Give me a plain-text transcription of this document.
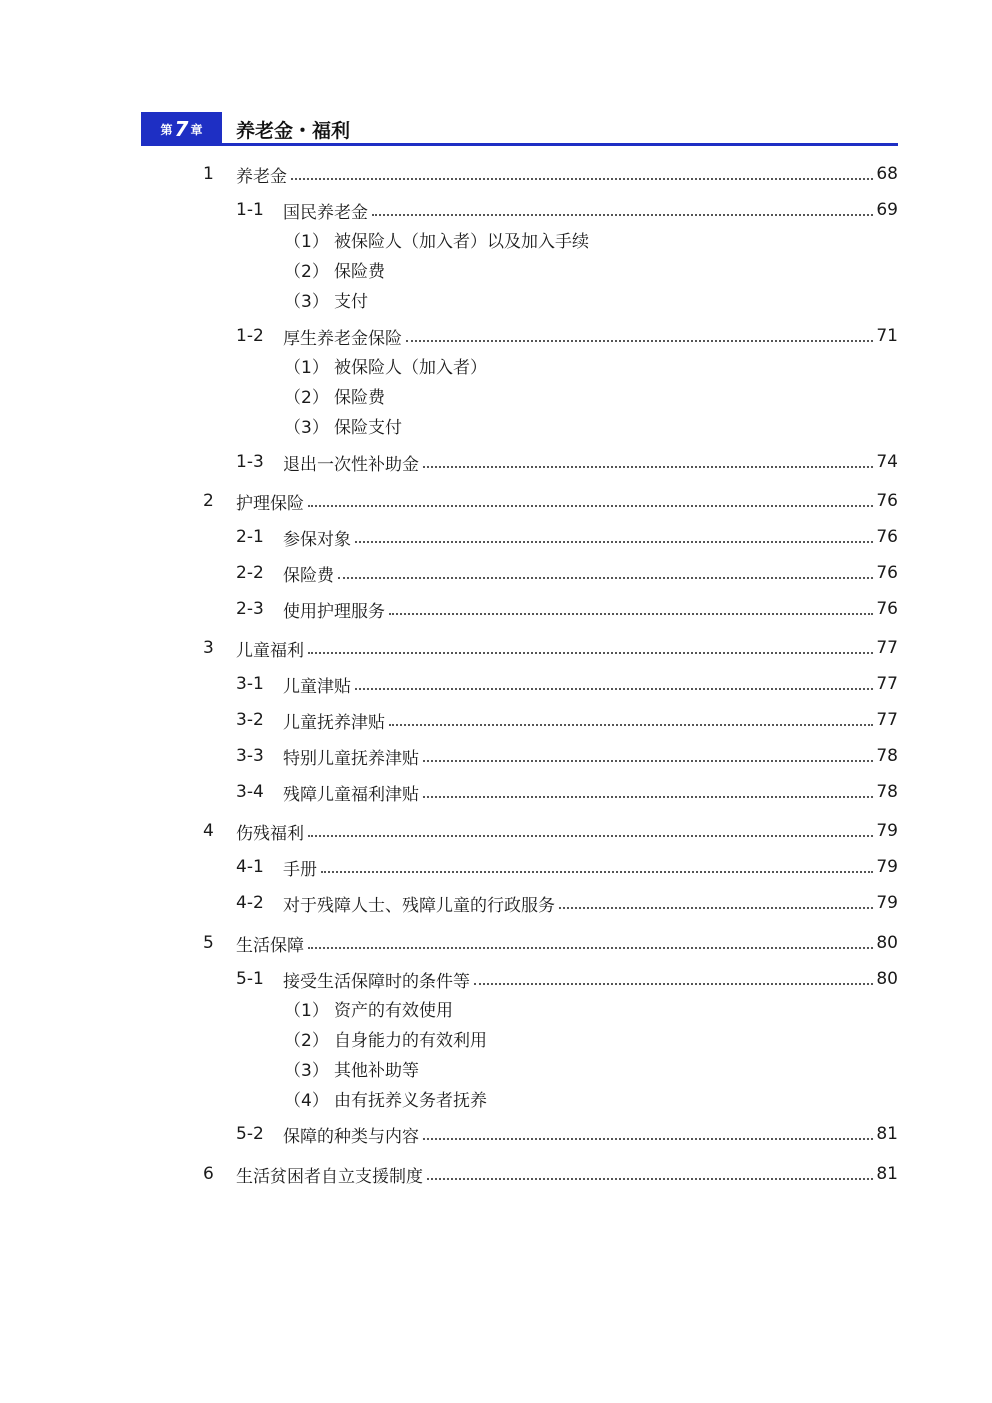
第 7 章 养老金・福利
1	养老金	68
1-1	国民养老金	69
（1） 被保险人（加入者）以及加入手续
（2） 保险费
（3） 支付
1-2	厚生养老金保险	71
（1） 被保险人（加入者）
（2） 保险费
（3） 保险支付
1-3	退出一次性补助金	74
2	护理保险	76
2-1	参保对象	76
2-2	保险费	76
2-3	使用护理服务	76
3	儿童福利	77
3-1	儿童津贴	77
3-2	儿童抚养津贴	77
3-3	特别儿童抚养津贴	78
3-4	残障儿童福利津贴	78
4	伤残福利	79
4-1	手册	79
4-2	对于残障人士、残障儿童的行政服务	79
5	生活保障	80
5-1	接受生活保障时的条件等	80
（1） 资产的有效使用
（2） 自身能力的有效利用
（3） 其他补助等
（4） 由有抚养义务者抚养
5-2	保障的种类与内容	81
6	生活贫困者自立支援制度	81
